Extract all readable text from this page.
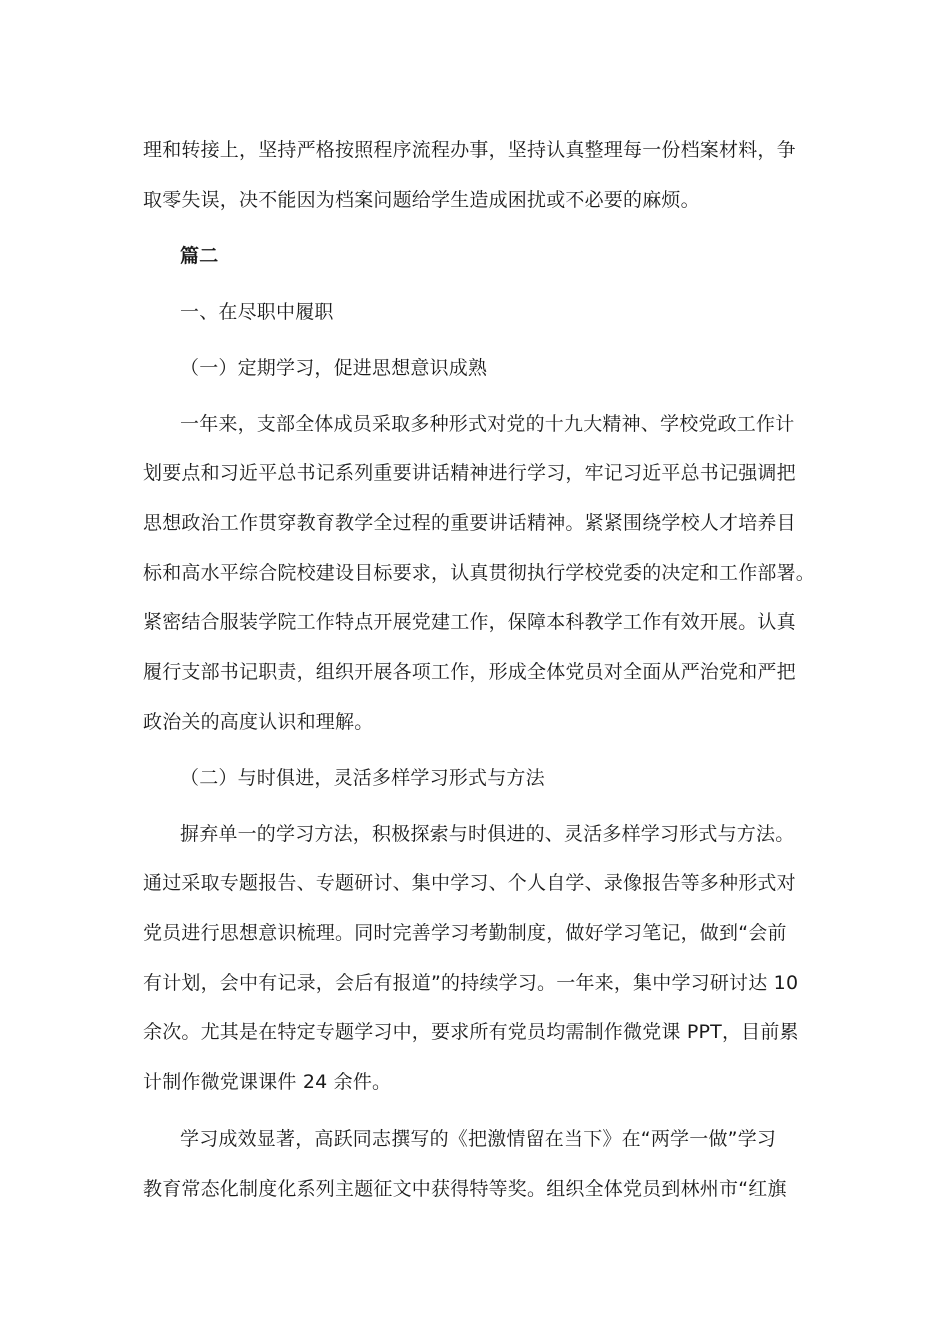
理和转接上，坚持严格按照程序流程办事，坚持认真整理每一份档案材料，争
取零失误，决不能因为档案问题给学生造成困扰或不必要的麻烦。
篇二
一、在尽职中履职
（一）定期学习，促进思想意识成熟
一年来，支部全体成员采取多种形式对党的十九大精神、学校党政工作计
划要点和习近平总书记系列重要讲话精神进行学习，牢记习近平总书记强调把
思想政治工作贯穿教育教学全过程的重要讲话精神。紧紧围绕学校人才培养目
标和高水平综合院校建设目标要求，认真贯彻执行学校党委的决定和工作部署。
紧密结合服装学院工作特点开展党建工作，保障本科教学工作有效开展。认真
履行支部书记职责，组织开展各项工作，形成全体党员对全面从严治党和严把
政治关的高度认识和理解。
（二）与时俱进，灵活多样学习形式与方法
摒弃单一的学习方法，积极探索与时俱进的、灵活多样学习形式与方法。
通过采取专题报告、专题研讨、集中学习、个人自学、录像报告等多种形式对
党员进行思想意识梳理。同时完善学习考勤制度，做好学习笔记，做到“会前
有计划，会中有记录，会后有报道”的持续学习。一年来，集中学习研讨达 10
余次。尤其是在特定专题学习中，要求所有党员均需制作微党课 PPT，目前累
计制作微党课课件 24 余件。
学习成效显著，高跃同志撰写的《把激情留在当下》在“两学一做”学习
教育常态化制度化系列主题征文中获得特等奖。组织全体党员到林州市“红旗
